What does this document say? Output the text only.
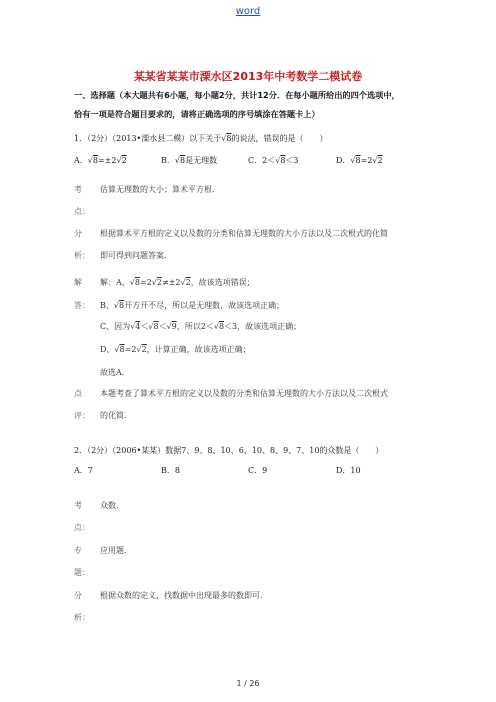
word
某某省某某市溧水区2013年中考数学二模试卷
一、选择题（本大题共有6小题，每小题2分，共计12分．在每小题所给出的四个选项中，
恰有一项是符合题目要求的，请将正确选项的序号填涂在答题卡上）
1．（2分）（2013•溧水县二模）以下关于√8的说法，错误的是（　　）
A．√8=±2√2	B．√8是无理数	C．2＜√8＜3	D．√8=2√2
考 估算无理数的大小；算术平方根．
点：
分 根据算术平方根的定义以及数的分类和估算无理数的大小方法以及二次根式的化简
析： 即可得到问题答案．
解 解：A、√8=2√2≠±2√2，故该选项错误；
答： B、√8开方开不尽，所以是无理数，故该选项正确；
C、因为√4＜√8＜√9，所以2＜√8＜3，故该选项正确；
D、√8=2√2，计算正确，故该选项正确；
故选A．
点 本题考查了算术平方根的定义以及数的分类和估算无理数的大小方法以及二次根式
评： 的化简．
2．（2分）（2006•某某）数据7、9、8、10、6、10、8、9、7、10的众数是（　　）
A．7	B．8	C．9	D．10
考 众数．
点：
专 应用题．
题：
分 根据众数的定义，找数据中出现最多的数即可．
析：
1 / 26
